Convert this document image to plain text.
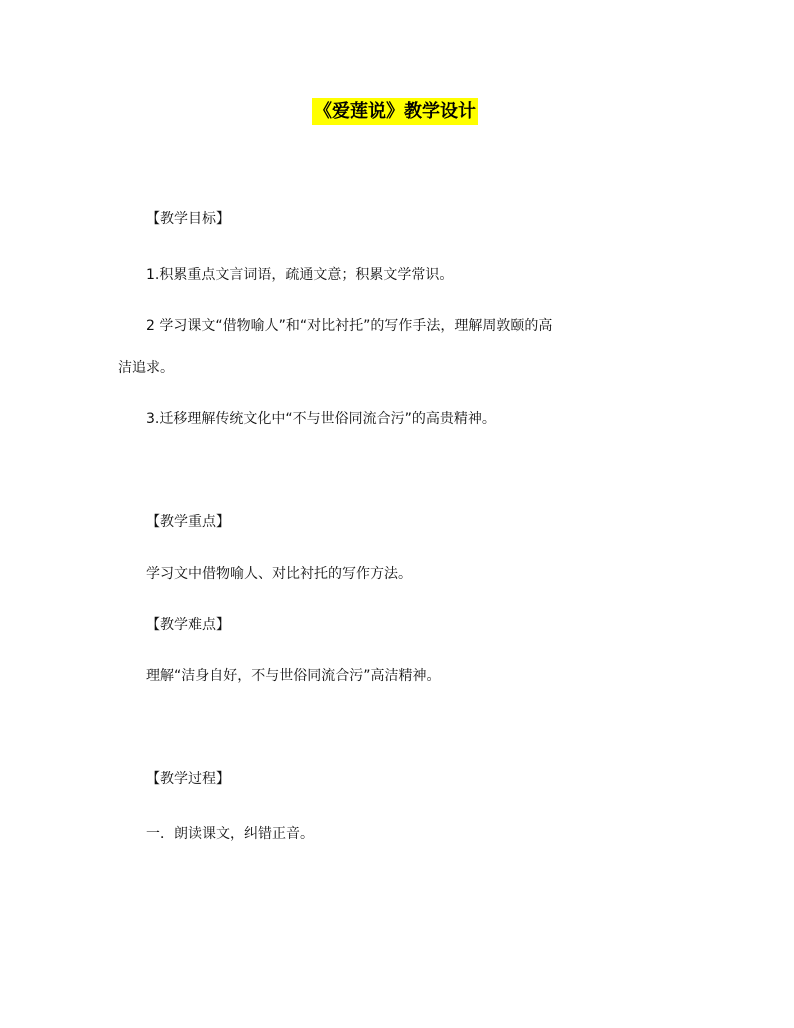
《爱莲说》教学设计
【教学目标】
1.积累重点文言词语，疏通文意；积累文学常识。
2 学习课文“借物喻人”和“对比衬托”的写作手法，理解周敦颐的高
洁追求。
3.迁移理解传统文化中“不与世俗同流合污”的高贵精神。
【教学重点】
学习文中借物喻人、对比衬托的写作方法。
【教学难点】
理解“洁身自好，不与世俗同流合污”高洁精神。
【教学过程】
一．朗读课文，纠错正音。
